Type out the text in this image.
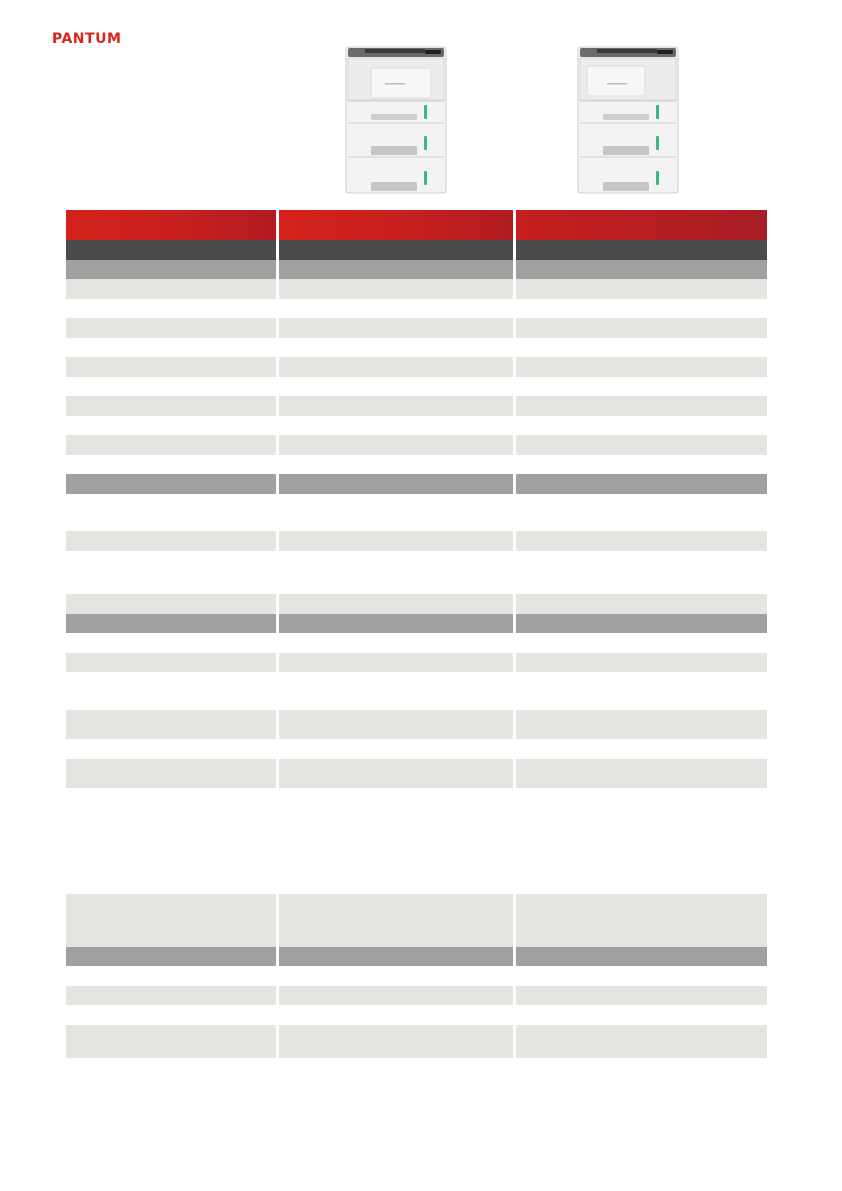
PANTUM
